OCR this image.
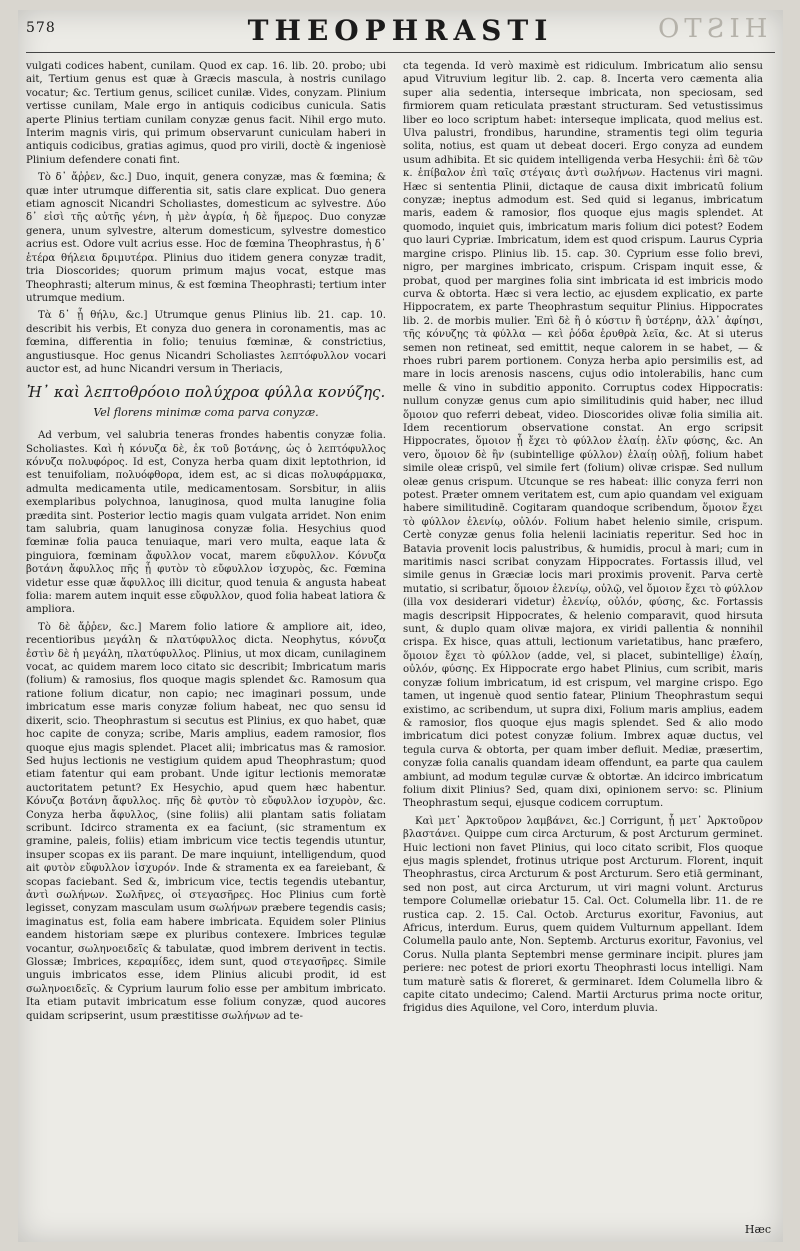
578	THEOPHRASTI	HISTO

vulgati codices habent, cunilam. Quod ex cap. 16. lib. 20. probo; ubi ait, Tertium genus est quæ à Græcis mascula, à nostris cunilago vocatur; &c. Tertium genus, scilicet cunilæ. Vides, conyzam. Plinium vertisse cunilam, Male ergo in antiquis codicibus cunicula. Satis aperte Plinius tertiam cunilam conyzæ genus facit. Nihil ergo muto. Interim magnis viris, qui primum observarunt cuniculam haberi in antiquis codicibus, gratias agimus, quod pro virili, doctè & ingeniosè Plinium defendere conati fint.

Τὸ δ᾽ ἄῤῥεν, &c.] Duo, inquit, genera conyzæ, mas & fœmina; & quæ inter utrumque differentia sit, satis clare explicat. Duo genera etiam agnoscit Nicandri Scholiastes, domesticum ac sylvestre. Δύο δ᾽ εἰσὶ τῆς αὐτῆς γένη, ἡ μὲν ἀγρία, ἡ δὲ ἥμερος. Duo conyzæ genera, unum sylvestre, alterum domesticum, sylvestre domestico acrius est. Odore vult acrius esse. Hoc de fœmina Theophrastus, ἡ δ᾽ ἑτέρα θήλεια δριμυτέρα. Plinius duo itidem genera conyzæ tradit, tria Dioscorides; quorum primum majus vocat, estque mas Theophrasti; alterum minus, & est fœmina Theophrasti; tertium inter utrumque medium.

Τὰ δ᾽ ᾗ θήλυ, &c.] Utrumque genus Plinius lib. 21. cap. 10. describit his verbis, Et conyza duo genera in coronamentis, mas ac fœmina, differentia in folio; tenuius fœminæ, & constrictius, angustiusque. Hoc genus Nicandri Scholiastes λεπτόφυλλον vocari auctor est, ad hunc Nicandri versum in Theriacis,

Ἠ᾽ καὶ λεπτοθρόοιο πολύχροα φύλλα κονύζης.
Vel florens minimæ coma parva conyzæ.

Ad verbum, vel salubria teneras frondes habentis conyzæ folia. Scholiastes. Καὶ ἡ κόνυζα δὲ, ἐκ τοῦ βοτάνης, ὡς ὁ λεπτόφυλλος κόνυζα πολυφόρος. Id est, Conyza herba quam dixit leptothrion, id est tenuifoliam, πολυόφθορα, idem est, ac si dicas πολυφάρμακα, admulta medicamenta utile, medicamentosam. Sorsbitur, in aliis exemplaribus polychnoa, lanuginosa, quod multa lanugine folia prædita sint. Posterior lectio magis quam vulgata arridet. Non enim tam salubria, quam lanuginosa conyzæ folia. Hesychius quod fœminæ folia pauca tenuiaque, mari vero multa, eaque lata & pinguiora, fœminam ἄφυλλον vocat, marem εὔφυλλον. Κόνυζα βοτάνη ἄφυλλος πῆς ᾗ φυτὸν τὸ εὔφυλλον ἰσχυρὸς, &c. Fœmina videtur esse quæ ἄφυλλος illi dicitur, quod tenuia & angusta habeat folia: marem autem inquit esse εὔφυλλον, quod folia habeat latiora & ampliora.

Τὸ δὲ ἄῤῥεν, &c.] Marem folio latiore & ampliore ait, ideo, recentioribus μεγάλη & πλατύφυλλος dicta. Neophytus, κόνυζα ἐστὶν δὲ ἡ μεγάλη, πλατύφυλλος. Plinius, ut mox dicam, cunilaginem vocat, ac quidem marem loco citato sic describit; Imbricatum maris (folium) & ramosius, flos quoque magis splendet &c. Ramosum qua ratione folium dicatur, non capio; nec imaginari possum, unde imbricatum esse maris conyzæ folium habeat, nec quo sensu id dixerit, scio. Theophrastum si secutus est Plinius, ex quo habet, quæ hoc capite de conyza; scribe, Maris amplius, eadem ramosior, flos quoque ejus magis splendet. Placet alii; imbricatus mas & ramosior. Sed hujus lectionis ne vestigium quidem apud Theophrastum; quod etiam fatentur qui eam probant. Unde igitur lectionis memoratæ auctoritatem petunt? Ex Hesychio, apud quem hæc habentur. Κόνυζα βοτάνη ἄφυλλος. πῆς δὲ φυτὸν τὸ εὔφυλλον ἰσχυρὸν, &c. Conyza herba ἄφυλλος, (sine foliis) alii plantam satis foliatam scribunt. Idcirco stramenta ex ea faciunt, (sic stramentum ex gramine, paleis, foliis) etiam imbricum vice tectis tegendis utuntur, insuper scopas ex iis parant. De mare inquiunt, intelligendum, quod ait φυτὸν εὔφυλλον ἰσχυρόν. Inde & stramenta ex ea fareiebant, & scopas faciebant. Sed &, imbricum vice, tectis tegendis utebantur, ἀντὶ σωλήνων. Σωλῆνες, οἱ στεγασῆρες. Hoc Plinius cum fortè legisset, conyzam masculam usum σωλήνων præbere tegendis casis; imaginatus est, folia eam habere imbricata. Equidem soler Plinius eandem historiam sæpe ex pluribus contexere. Imbrices tegulæ vocantur, σωληνοειδεῖς & tabulatæ, quod imbrem derivent in tectis. Glossæ; Imbrices, κεραμίδες, idem sunt, quod στεγασῆρες. Simile unguis imbricatos esse, idem Plinius alicubi prodit, id est σωληνοειδεῖς. & Cyprium laurum folio esse per ambitum imbricato. Ita etiam putavit imbricatum esse folium conyzæ, quod aucores quidam scripserint, usum præstitisse σωλήνων ad te-

cta tegenda. Id verò maximè est ridiculum. Imbricatum alio sensu apud Vitruvium legitur lib. 2. cap. 8. Incerta vero cæmenta alia super alia sedentia, interseque imbricata, non speciosam, sed firmiorem quam reticulata præstant structuram. Sed vetustissimus liber eo loco scriptum habet: interseque implicata, quod melius est. Ulva palustri, frondibus, harundine, stramentis tegi olim teguria solita, notius, est quam ut debeat doceri. Ergo conyza ad eundem usum adhibita. Et sic quidem intelligenda verba Hesychii: ἐπὶ δὲ τῶν κ. ἐπίβαλον ἐπὶ ταῖς στέγαις ἀντὶ σωλήνων. Hactenus viri magni. Hæc si sententia Plinii, dictaque de causa dixit imbricatū folium conyzæ; ineptus admodum est. Sed quid si leganus, imbricatum maris, eadem & ramosior, flos quoque ejus magis splendet. At quomodo, inquiet quis, imbricatum maris folium dici potest? Eodem quo lauri Cypriæ. Imbricatum, idem est quod crispum. Laurus Cypria margine crispo. Plinius lib. 15. cap. 30. Cyprium esse folio brevi, nigro, per margines imbricato, crispum. Crispam inquit esse, & probat, quod per margines folia sint imbricata id est imbricis modo curva & obtorta. Hæc si vera lectio, ac ejusdem explicatio, ex parte Hippocratem, ex parte Theophrastum sequitur Plinius. Hippocrates lib. 2. de morbis mulier. Ἐπὶ δὲ ἢ ὁ κύστιν ἢ ὑστέρην, ἀλλ᾽ ἀφίησι, τῆς κόνυζης τὰ φύλλα — κεὶ ῥόδα ἐρυθρὰ λεῖα, &c. At si uterus semen non retineat, sed emittit, neque calorem in se habet, — & rhoes rubri parem portionem. Conyza herba apio persimilis est, ad mare in locis arenosis nascens, cujus odio intolerabilis, hanc cum melle & vino in subditio apponito. Corruptus codex Hippocratis: nullum conyzæ genus cum apio similitudinis quid haber, nec illud ὅμοιον quo referri debeat, video. Dioscorides olivæ folia similia ait. Idem recentiorum observatione constat. An ergo scripsit Hippocrates, ὅμοιον ᾗ ἔχει τὸ φύλλον ἐλαίῃ. ἐλῖν φύσης, &c. An vero, ὅμοιον δὲ ἢν (subintellige φύλλον) ἐλαίῃ οὐλῇ, folium habet simile oleæ crispū, vel simile fert (folium) olivæ crispæ. Sed nullum oleæ genus crispum. Utcunque se res habeat: illic conyza ferri non potest. Præter omnem veritatem est, cum apio quandam vel exiguam habere similitudinē. Cogitaram quandoque scribendum, ὅμοιον ἔχει τὸ φύλλον ἐλενίῳ, οὐλόν. Folium habet helenio simile, crispum. Certè conyzæ genus folia helenii laciniatis reperitur. Sed hoc in Batavia provenit locis palustribus, & humidis, procul à mari; cum in maritimis nasci scribat conyzam Hippocrates. Fortassis illud, vel simile genus in Græciæ locis mari proximis provenit. Parva certè mutatio, si scribatur, ὅμοιον ἐλενίῳ, οὐλῷ, vel ὅμοιον ἔχει τὸ φύλλον (illa vox desiderari videtur) ἐλενίῳ, οὐλόν, φύσης, &c. Fortassis magis descripsit Hippocrates, & helenio comparavit, quod hirsuta sunt, & duplo quam olivæ majora, ex viridi pallentia & nonnihil crispa. Ex hisce, quas attuli, lectionum varietatibus, hanc præfero, ὅμοιον ἔχει τὸ φύλλον (adde, vel, si placet, subintellige) ἐλαίῃ, οὐλόν, φύσης. Ex Hippocrate ergo habet Plinius, cum scribit, maris conyzæ folium imbricatum, id est crispum, vel margine crispo. Ego tamen, ut ingenuè quod sentio fatear, Plinium Theophrastum sequi existimo, ac scribendum, ut supra dixi, Folium maris amplius, eadem & ramosior, flos quoque ejus magis splendet. Sed & alio modo imbricatum dici potest conyzæ folium. Imbrex aquæ ductus, vel tegula curva & obtorta, per quam imber defluit. Mediæ, præsertim, conyzæ folia canalis quandam ideam offendunt, ea parte qua caulem ambiunt, ad modum tegulæ curvæ & obtortæ. An idcirco imbricatum folium dixit Plinius? Sed, quam dixi, opinionem servo: sc. Plinium Theophrastum sequi, ejusque codicem corruptum.

Καὶ μετ᾽ Ἀρκτοῦρον λαμβάνει, &c.] Corrigunt, ᾗ μετ᾽ Ἀρκτοῦρον βλαστάνει. Quippe cum circa Arcturum, & post Arcturum germinet. Huic lectioni non favet Plinius, qui loco citato scribit, Flos quoque ejus magis splendet, frotinus utrique post Arcturum. Florent, inquit Theophrastus, circa Arcturum & post Arcturum. Sero etiā germinant, sed non post, aut circa Arcturum, ut viri magni volunt. Arcturus tempore Columellæ oriebatur 15. Cal. Oct. Columella libr. 11. de re rustica cap. 2. 15. Cal. Octob. Arcturus exoritur, Favonius, aut Africus, interdum. Eurus, quem quidem Vulturnum appellant. Idem Columella paulo ante, Non. Septemb. Arcturus exoritur, Favonius, vel Corus. Nulla planta Septembri mense germinare incipit. plures jam periere: nec potest de priori exortu Theophrasti locus intelligi. Nam tum maturè satis & floreret, & germinaret. Idem Columella libro & capite citato undecimo; Calend. Martii Arcturus prima nocte oritur, frigidus dies Aquilone, vel Coro, interdum pluvia.

Hæc
